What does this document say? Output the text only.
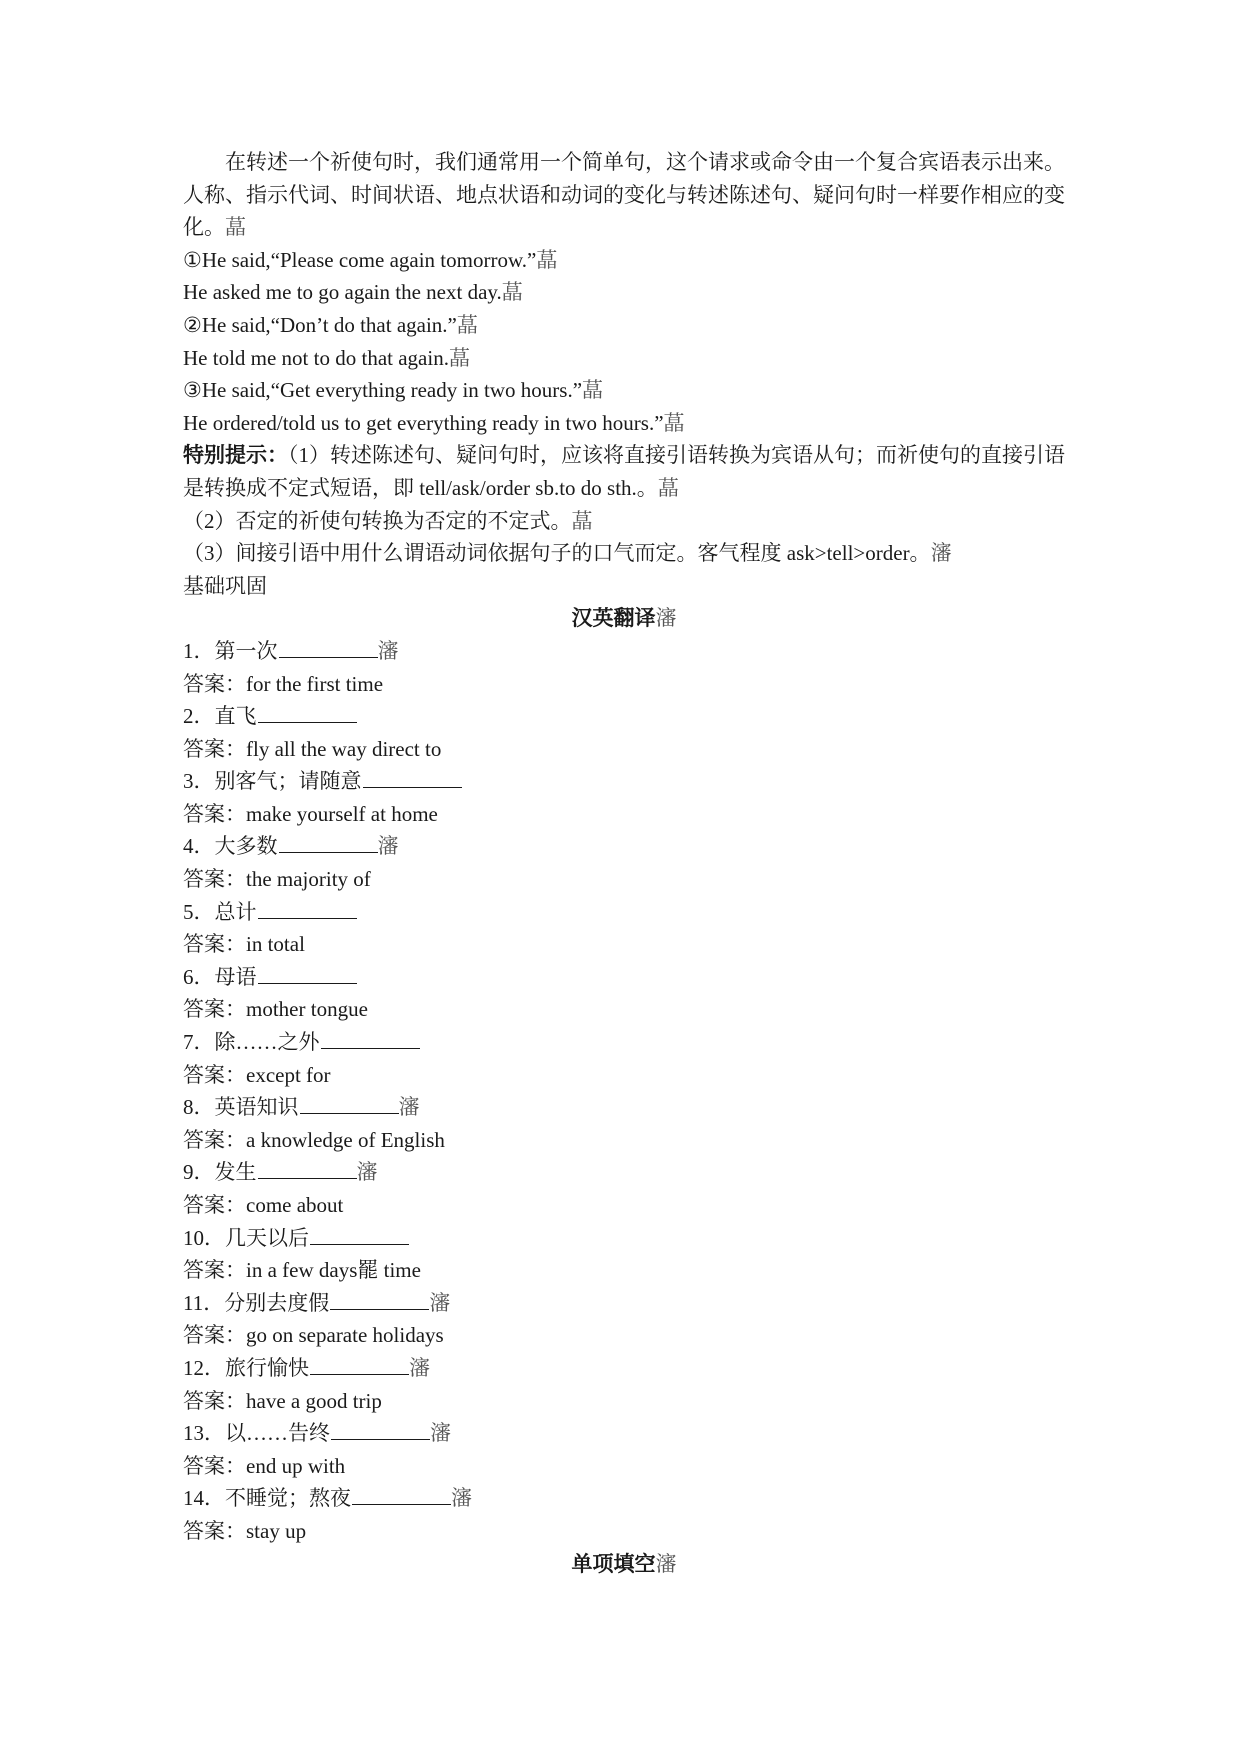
在转述一个祈使句时，我们通常用一个简单句，这个请求或命令由一个复合宾语表示出来。人称、指示代词、时间状语、地点状语和动词的变化与转述陈述句、疑问句时一样要作相应的变化。蕌

①He said,“Please come again tomorrow.”蕌

He asked me to go again the next day.蕌

②He said,“Don’t do that again.”蕌

He told me not to do that again.蕌

③He said,“Get everything ready in two hours.”蕌

He ordered/told us to get everything ready in two hours.”蕌

特别提示：（1）转述陈述句、疑问句时，应该将直接引语转换为宾语从句；而祈使句的直接引语是转换成不定式短语，即 tell/ask/order sb.to do sth.。蕌

（2）否定的祈使句转换为否定的不定式。蕌

（3）间接引语中用什么谓语动词依据句子的口气而定。客气程度 ask>tell>order。瀋

基础巩固

汉英翻译瀋

1．第一次	瀋

答案：for the first time

2．直飞

答案：fly all the way direct to

3．别客气；请随意

答案：make yourself at home

4．大多数	瀋

答案：the majority of

5．总计

答案：in total

6．母语

答案：mother tongue

7．除……之外

答案：except for

8．英语知识	瀋

答案：a knowledge of English

9．发生	瀋

答案：come about

10．几天以后

答案：in a few days罷 time

11．分别去度假	瀋

答案：go on separate holidays

12．旅行愉快	瀋

答案：have a good trip

13．以……告终	瀋

答案：end up with

14．不睡觉；熬夜	瀋

答案：stay up

单项填空瀋
